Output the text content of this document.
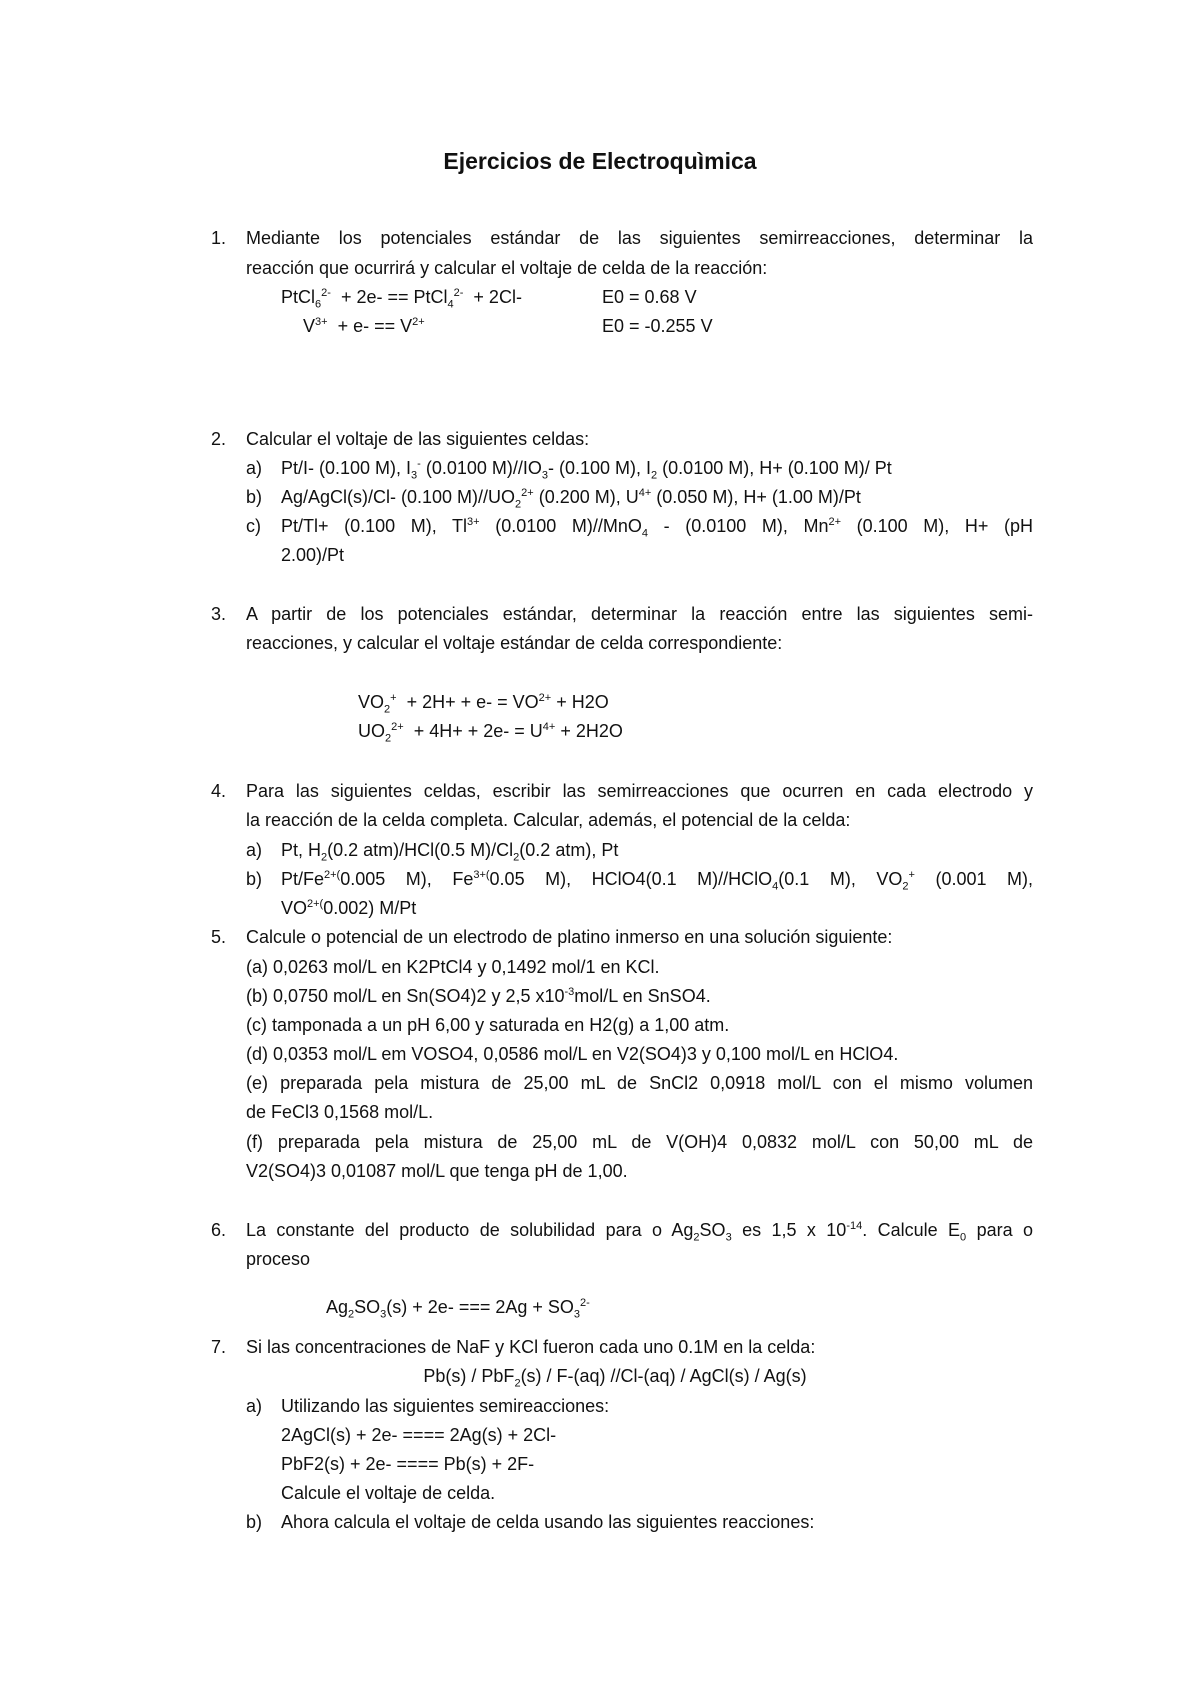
Ejercicios de Electroquìmica
1. Mediante los potenciales estándar de las siguientes semirreacciones, determinar la
reacción que ocurrirá y calcular el voltaje de celda de la reacción:
PtCl$_6^{2-}$ + 2e- == PtCl$_4^{2-}$ + 2Cl-	E0 = 0.68 V
$V^{3+} + e- == V^{2+}$	E0 = -0.255 V
2. Calcular el voltaje de las siguientes celdas:
a) Pt/I- (0.100 M), $I_3^-$ (0.0100 $M)//IO_3-$ (0.100 M), $I_2$ (0.0100 M), H+ (0.100 M)/ Pt
b) Ag/AgCl(s)/Cl- (0.100 $M)//UO_2^{2+}$ (0.200 M), $U^{4+}$ (0.050 M), H+ (1.00 M)/Pt
c) Pt/Tl+ (0.100 M), $Tl^{3+}$ (0.0100 M)//MnO$_4$ - (0.0100 M), $Mn^{2+}$ (0.100 M), H+ (pH
2.00)/Pt
3. A partir de los potenciales estándar, determinar la reacción entre las siguientes semi-
reacciones, y calcular el voltaje estándar de celda correspondiente:
$VO_2^+ + 2H+ + e- = VO^{2+} + H2O$
$UO_2^{2+} + 4H+ + 2e- = U^{4+} + 2H2O$
4. Para las siguientes celdas, escribir las semirreacciones que ocurren en cada electrodo y
la reacción de la celda completa. Calcular, además, el potencial de la celda:
a) Pt, $H_2(0.2$ atm)/HCl(0.5 $M)/Cl_2(0.2$ atm), Pt
b) $Pt/Fe^{2+(}0.005$ M), $Fe^{3+(}0.05$ M), HClO4(0.1 M)//HClO$_4$(0.1 M), $VO_2^+$ (0.001 M),
$VO^{2+(}0.002$) M/Pt
5. Calcule o potencial de un electrodo de platino inmerso en una solución siguiente:
(a) 0,0263 mol/L en K2PtCl4 y 0,1492 mol/1 en KCl.
(b) 0,0750 mol/L en Sn(SO4)2 y 2,5 $x10^{-3}mol/L$ en SnSO4.
(c) tamponada a un pH 6,00 y saturada en H2(g) a 1,00 atm.
(d) 0,0353 mol/L em VOSO4, 0,0586 mol/L en V2(SO4)3 y 0,100 mol/L en HClO4.
(e) preparada pela mistura de 25,00 mL de SnCl2 0,0918 mol/L con el mismo volumen
de FeCl3 0,1568 mol/L.
(f) preparada pela mistura de 25,00 mL de V(OH)4 0,0832 mol/L con 50,00 mL de
V2(SO4)3 0,01087 mol/L que tenga pH de 1,00.
6. La constante del producto de solubilidad para o $Ag_2SO_3$ es 1,5 x $10^{-14}$. Calcule $E_0$ para o
proceso
$Ag_2SO_3(s) + 2e-$ === $2Ag + SO_3^{2-}$
7. Si las concentraciones de NaF y KCl fueron cada uno 0.1M en la celda:
Pb(s) / PbF$_2$(s) / F-(aq) //Cl-(aq) / AgCl(s) / Ag(s)
a) Utilizando las siguientes semireacciones:
2AgCl(s) + 2e- ==== 2Ag(s) + 2Cl-
PbF2(s) + 2e- ==== Pb(s) + 2F-
Calcule el voltaje de celda.
b) Ahora calcula el voltaje de celda usando las siguientes reacciones:
